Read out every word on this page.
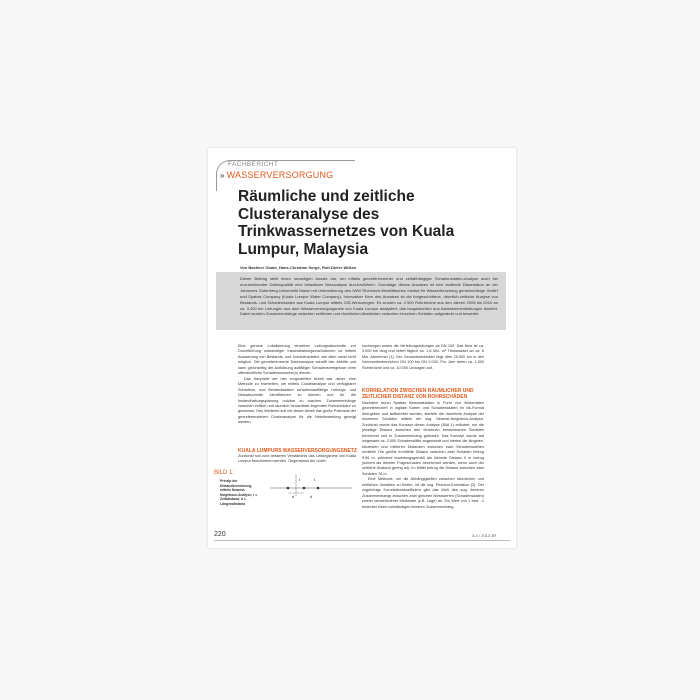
FACHBERICHT
» WASSERVERSORGUNG
Räumliche und zeitliche Clusteranalyse des Trinkwassernetzes von Kuala Lumpur, Malaysia
Von Basheer Obaid, Hans-Christian Sorge, Rolf-Dieter Wilken

Dieser Beitrag stellt einen neuartigen Ansatz dar, um mittels georeferenzierter und zeitabhängiger Schadensdaten-Analyse auch bei unzureichender Datenqualität eine belastbare Netzanalyse durchzuführen. Grundlage dieses Ansatzes ist eine laufende Dissertation an der Johannes Gutenberg-Universität Mainz mit Unterstützung des IWW Rheinisch-Westfälisches Institut für Wasserforschung gemeinnützige GmbH und Syabas Company (Kuala Lumpur Water Company). Innovativer Kern des Ansatzes ist die fortgeschrittene, räumlich-zeitliche Analyse von Bestands- und Schadensdaten aus Kuala Lumpur mittels GIS-Werkzeugen. Es wurden ca. 2.500 Rohrbrüche aus den Jahren 2006 bis 2010 an ca. 3.000 km Leitungen aus dem Wasserversorgungsnetz von Kuala Lumpur analysiert, das hauptsächlich aus Asbestzementleitungen besteht. Dabei wurden Zusammenhänge zwischen zeitlichen und räumlichen Abständen zwischen einzelnen Schäden aufgedeckt und bewertet.

Eine genaue Lokalisierung einzelner Leitungsabschnitte zur Durchführung notwendiger Instandhaltungsmaßnahmen ist mittels Auswertung von Bestands- und Schadensdaten, wie allen meist nicht möglich. Die georeferenzierte Datenanalyse schafft hier Abhilfe und kann gleichzeitig der Aufklärung auffälliger Schadensereignisse ohne offensichtliche Schadensursache(n) dienen.

Das Hauptziel der hier vorgestellten Arbeit war daher, eine Methode zu erarbeiten, um mittels Clusteranalyse und verfügbarer Schadens- und Bestandsdaten schadensauffällige Leitungs- und Netzabschnitte identifizieren zu können und für die Instandhaltungsplanung nutzbar zu machen. Zusammenhänge zwischen zeitlich und räumlich benachbart liegenden Rohrschäden zu gewinnen. Des Weiteren soll mit dieser Arbeit das große Potenzial der georeferenzierten Clusteranalyse für die Netzbewertung gezeigt werden.

KUALA LUMPURS WASSERVERSORGUNGSNETZ

Zunächst soll zum besseren Verständnis das Leitungsnetz von Kuala Lumpur beschrieben werden. Gegenstand der Unter-

BILD 1:
Prinzip der Distanzberechnung mittels Nearest-Neighbour-Analyse; t = Zeitabstand, d = Längenabstand
t
d	d
t

suchungen waren die Verteilungsleitungen ab DN 100. Das Netz ist ca. 3.000 km lang und liefert täglich ca. 1,8 Mio. m³ Trinkwasser an ca. 6 Mio. Abnehmer [1]. Der Gesamtsetzbedarf liegt über 25.500 km in den Nennweitenbereichen DN 100 bis DN 2.000. Pro Jahr treten ca. 1.500 Rohrbrüche und ca. 10.000 Leckagen auf.

KORRELATION ZWISCHEN RÄUMLICHER UND ZEITLICHER DISTANZ VON ROHRSCHÄDEN

Nachdem durch Syabas Bestandsdaten in Form von Vektordaten georeferenziert in digitale Karten und Schadensdaten im xls-Format übergeben und aufbereitet wurden, startete die räumliche Analyse der einzelnen Schäden mittels der sog. Nearest-Neighbour-Analyse. Zunächst wurde das Konzept dieser Analyse (Bild 1) erläutert, um die jeweilige Distanz zwischen den einzelnen benachbarten Schäden berechnet und in Zusammenhang gebracht. Das Konzept wurde auf insgesamt ca. 2.500 Schadensfälle angewandt und hierbei die längsten, kürzesten und mittleren Distanzen zwischen zwei Schadensstellen ermittelt. Die größte ermittelte Distanz zwischen zwei Schäden betrug 9,96 m, während erwartungsgemäß die kleinste Distanz 0 m betrug (kommt als direkter Folgeschaden bezeichnet werden, wenn auch der zeitliche Abstand gering ist). Im Mittel betrug die Distanz zwischen zwei Schäden 78 m.

Eine Methode, um die Abhängigkeiten zwischen räumlichen und zeitlichen Variablen zu finden, ist die sog. Pearson-Korrelation [2]. Der zugehörige Korrelationskoeffizient gibt das Maß des sog. linearen Zusammenhangs zwischen zwei gleichen Messwerten (Schadensdaten) zweier verschiedener Merkmale (z.B. Lage) an. Ein Wert von 1 bzw. -1 bedeutet einen vollständigen linearen Zusammenhang.

220	3-4 / 2013 3R
